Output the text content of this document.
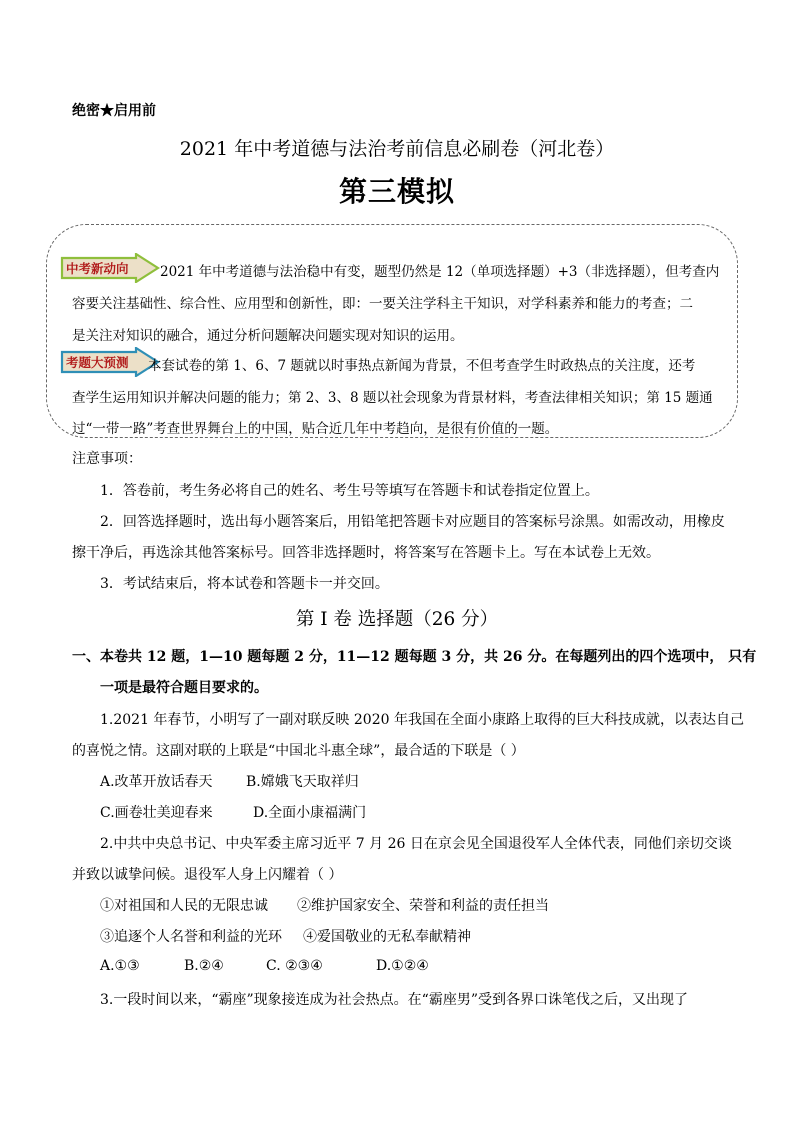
绝密★启用前
2021 年中考道德与法治考前信息必刷卷（河北卷）
第三模拟
中考新动向 2021 年中考道德与法治稳中有变，题型仍然是 12（单项选择题）+3（非选择题），但考查内
容要关注基础性、综合性、应用型和创新性，即：一要关注学科主干知识，对学科素养和能力的考查；二
是关注对知识的融合，通过分析问题解决问题实现对知识的运用。
考题大预测 本套试卷的第 1、6、7 题就以时事热点新闻为背景，不但考查学生时政热点的关注度，还考
查学生运用知识并解决问题的能力；第 2、3、8 题以社会现象为背景材料，考查法律相关知识；第 15 题通
过“一带一路”考查世界舞台上的中国，贴合近几年中考趋向，是很有价值的一题。
注意事项：
1．答卷前，考生务必将自己的姓名、考生号等填写在答题卡和试卷指定位置上。
2．回答选择题时，选出每小题答案后，用铅笔把答题卡对应题目的答案标号涂黑。如需改动，用橡皮
擦干净后，再选涂其他答案标号。回答非选择题时，将答案写在答题卡上。写在本试卷上无效。
3．考试结束后，将本试卷和答题卡一并交回。
第 I 卷 选择题（26 分）
一、本卷共 12 题，1—10 题每题 2 分，11—12 题每题 3 分，共 26 分。在每题列出的四个选项中， 只有
一项是最符合题目要求的。
1.2021 年春节，小明写了一副对联反映 2020 年我国在全面小康路上取得的巨大科技成就，以表达自己
的喜悦之情。这副对联的上联是“中国北斗惠全球”，最合适的下联是（ ）
A.改革开放话春天 B.嫦娥飞天取祥归
C.画卷壮美迎春来	D.全面小康福满门
2.中共中央总书记、中央军委主席习近平 7 月 26 日在京会见全国退役军人全体代表，同他们亲切交谈
并致以诚挚问候。退役军人身上闪耀着（ ）
①对祖国和人民的无限忠诚 ②维护国家安全、荣誉和利益的责任担当
③追逐个人名誉和利益的光环 ④爱国敬业的无私奉献精神
A.①③	B.②④	C. ②③④	D.①②④
3.一段时间以来，“霸座”现象接连成为社会热点。在“霸座男”受到各界口诛笔伐之后，又出现了
